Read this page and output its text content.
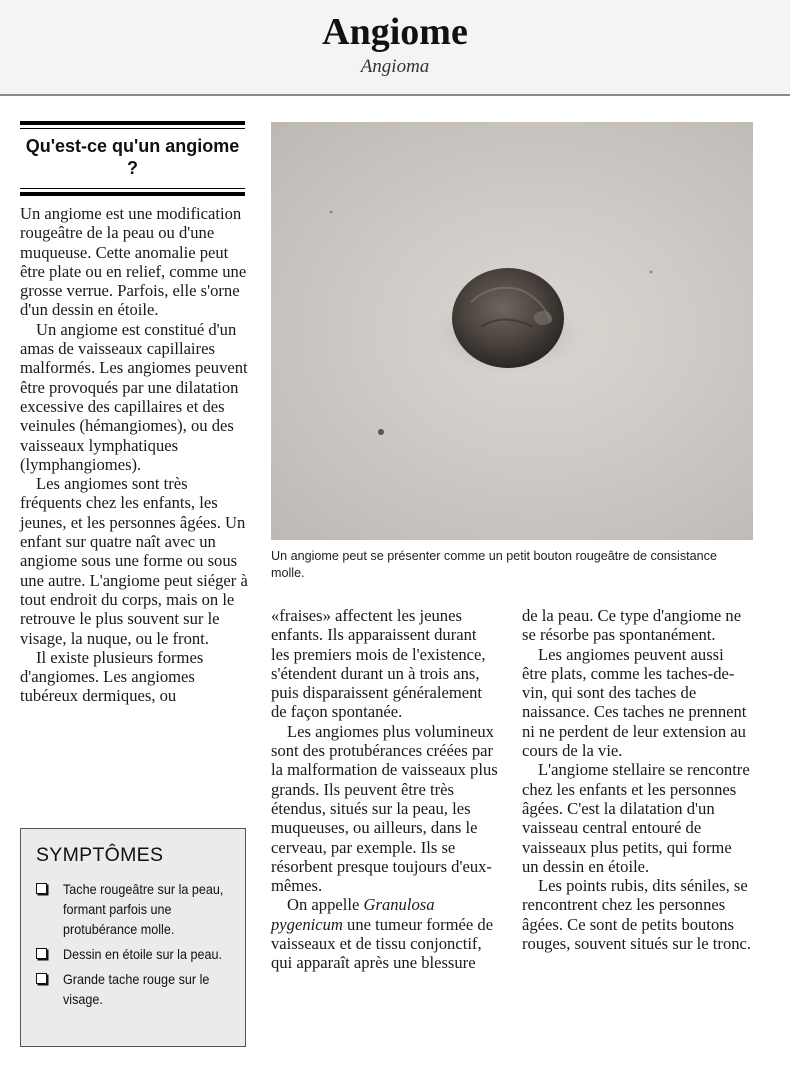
Angiome
Angioma
Qu'est-ce qu'un angiome ?

Un angiome est une modification rougeâtre de la peau ou d'une muqueuse. Cette anomalie peut être plate ou en relief, comme une grosse verrue. Parfois, elle s'orne d'un dessin en étoile.

Un angiome est constitué d'un amas de vaisseaux capillaires malformés. Les angiomes peuvent être provoqués par une dilatation excessive des capillaires et des veinules (hémangiomes), ou des vaisseaux lymphatiques (lymphangiomes).

Les angiomes sont très fréquents chez les enfants, les jeunes, et les personnes âgées. Un enfant sur quatre naît avec un angiome sous une forme ou sous une autre. L'angiome peut siéger à tout endroit du corps, mais on le retrouve le plus souvent sur le visage, la nuque, ou le front.

Il existe plusieurs formes d'angiomes. Les angiomes tubéreux dermiques, ou

Un angiome peut se présenter comme un petit bouton rougeâtre de consistance molle.

«fraises» affectent les jeunes enfants. Ils apparaissent durant les premiers mois de l'existence, s'étendent durant un à trois ans, puis disparaissent généralement de façon spontanée.

Les angiomes plus volumineux sont des protubérances créées par la malformation de vaisseaux plus grands. Ils peuvent être très étendus, situés sur la peau, les muqueuses, ou ailleurs, dans le cerveau, par exemple. Ils se résorbent presque toujours d'eux-mêmes.

On appelle Granulosa pygenicum une tumeur formée de vaisseaux et de tissu conjonctif, qui apparaît après une blessure

de la peau. Ce type d'angiome ne se résorbe pas spontanément.

Les angiomes peuvent aussi être plats, comme les taches-de-vin, qui sont des taches de naissance. Ces taches ne prennent ni ne perdent de leur extension au cours de la vie.

L'angiome stellaire se rencontre chez les enfants et les personnes âgées. C'est la dilatation d'un vaisseau central entouré de vaisseaux plus petits, qui forme un dessin en étoile.

Les points rubis, dits séniles, se rencontrent chez les personnes âgées. Ce sont de petits boutons rouges, souvent situés sur le tronc.

SYMPTÔMES
Tache rougeâtre sur la peau, formant parfois une protubérance molle.
Dessin en étoile sur la peau.
Grande tache rouge sur le visage.
